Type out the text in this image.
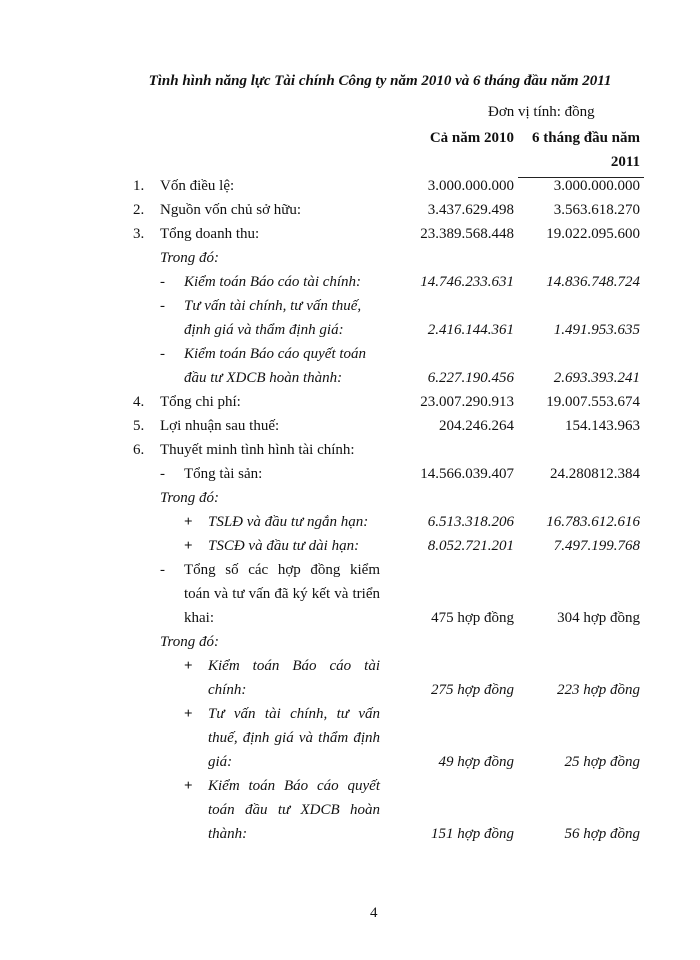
Tình hình năng lực Tài chính Công ty năm 2010 và 6 tháng đầu năm 2011
Đơn vị tính: đồng
Cả năm 2010 6 tháng đầu năm
2011
1. Vốn điều lệ:	3.000.000.000	3.000.000.000
2. Nguồn vốn chủ sở hữu:	3.437.629.498	3.563.618.270
3. Tổng doanh thu:	23.389.568.448 19.022.095.600
Trong đó:
- Kiểm toán Báo cáo tài chính:	14.746.233.631 14.836.748.724
- Tư vấn tài chính, tư vấn thuế,
định giá và thẩm định giá:	2.416.144.361	1.491.953.635
- Kiểm toán Báo cáo quyết toán
đầu tư XDCB hoàn thành:	6.227.190.456	2.693.393.241
4. Tổng chi phí:	23.007.290.913 19.007.553.674
5. Lợi nhuận sau thuế:	204.246.264	154.143.963
6. Thuyết minh tình hình tài chính:
- Tổng tài sản:	14.566.039.407 24.280812.384
Trong đó:
+ TSLĐ và đầu tư ngắn hạn:	6.513.318.206 16.783.612.616
+ TSCĐ và đầu tư dài hạn:	8.052.721.201	7.497.199.768
- Tổng số các hợp đồng kiểm
toán và tư vấn đã ký kết và triển
khai:	475 hợp đồng	304 hợp đồng
Trong đó:
+ Kiểm toán Báo cáo tài
chính:	275 hợp đồng	223 hợp đồng
+ Tư vấn tài chính, tư vấn
thuế, định giá và thẩm định
giá:	49 hợp đồng	25 hợp đồng
+ Kiểm toán Báo cáo quyết
toán đầu tư XDCB hoàn
thành:	151 hợp đồng	56 hợp đồng
4
